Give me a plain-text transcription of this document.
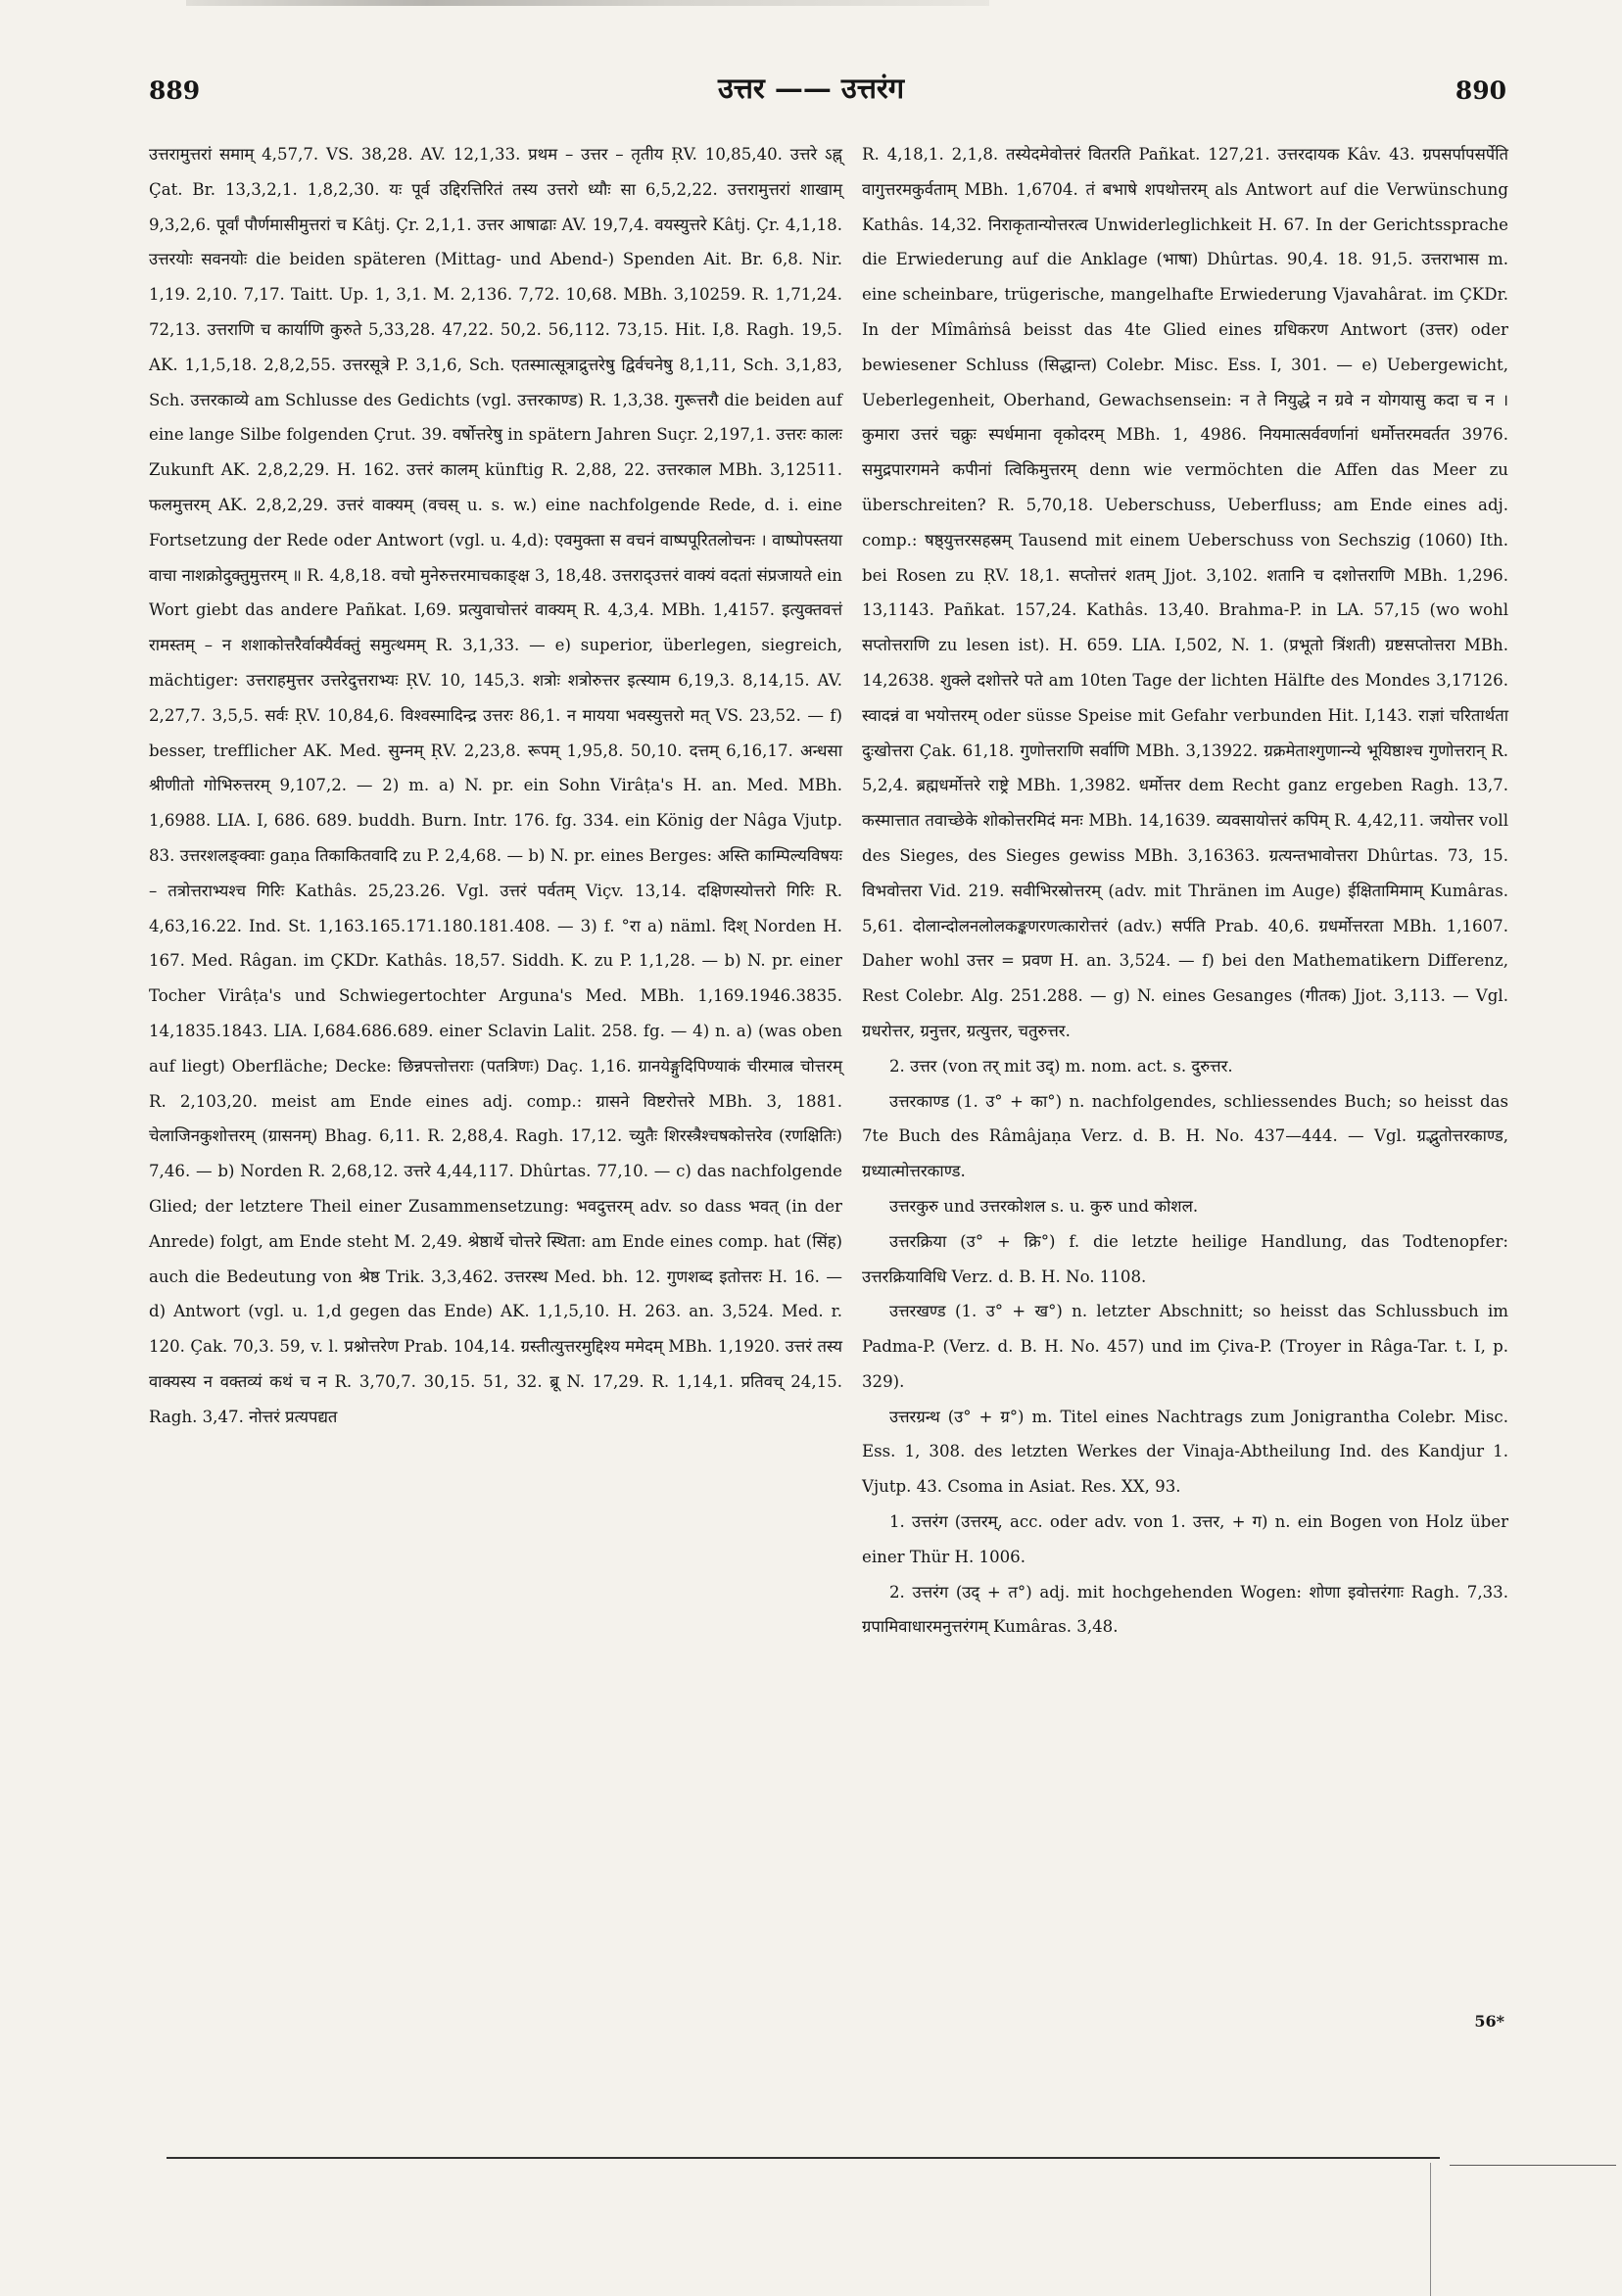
889	उत्तर —— उत्तरंग	890

उत्तरामुत्तरां समाम् 4,57,7. VS. 38,28. AV. 12,1,33. प्रथम – उत्तर – तृतीय ṚV. 10,85,40. उत्तरे ऽह्न् Çat. Br. 13,3,2,1. 1,8,2,30. यः पूर्व उद्दिरत्तिरितं तस्य उत्तरो ध्यौः सा 6,5,2,22. उत्तरामुत्तरां शाखाम् 9,3,2,6. पूर्वां पौर्णमासीमुत्तरां च Kâtj. Çr. 2,1,1. उत्तर आषाढाः AV. 19,7,4. वयस्युत्तरे Kâtj. Çr. 4,1,18. उत्तरयोः सवनयोः die beiden späteren (Mittag- und Abend-) Spenden Ait. Br. 6,8. Nir. 1,19. 2,10. 7,17. Taitt. Up. 1, 3,1. M. 2,136. 7,72. 10,68. MBh. 3,10259. R. 1,71,24. 72,13. उत्तराणि च कार्याणि कुरुते 5,33,28. 47,22. 50,2. 56,112. 73,15. Hit. I,8. Ragh. 19,5. AK. 1,1,5,18. 2,8,2,55. उत्तरसूत्रे P. 3,1,6, Sch. एतस्मात्सूत्राद्रुत्तरेषु द्विर्वचनेषु 8,1,11, Sch. 3,1,83, Sch. उत्तरकाव्ये am Schlusse des Gedichts (vgl. उत्तरकाण्ड) R. 1,3,38. गुरूत्तरौ die beiden auf eine lange Silbe folgenden Çrut. 39. वर्षोत्तरेषु in spätern Jahren Suçr. 2,197,1. उत्तरः कालः Zukunft AK. 2,8,2,29. H. 162. उत्तरं कालम् künftig R. 2,88, 22. उत्तरकाल MBh. 3,12511. फलमुत्तरम् AK. 2,8,2,29. उत्तरं वाक्यम् (वचस् u. s. w.) eine nachfolgende Rede, d. i. eine Fortsetzung der Rede oder Antwort (vgl. u. 4,d): एवमुक्ता स वचनं वाष्पपूरितलोचनः । वाष्पोपस्तया वाचा नाशक्रोदुक्तुमुत्तरम् ॥ R. 4,8,18. वचो मुनेरुत्तरमाचकाङ्क्ष 3, 18,48. उत्तराद्उत्तरं वाक्यं वदतां संप्रजायते ein Wort giebt das andere Pañkat. I,69. प्रत्युवाचोत्तरं वाक्यम् R. 4,3,4. MBh. 1,4157. इत्युक्तवत्तं रामस्तम् – न शशाकोत्तरैर्वाक्यैर्वक्तुं समुत्थमम् R. 3,1,33. — e) superior, überlegen, siegreich, mächtiger: उत्तराहमुत्तर उत्तरेदुत्तराभ्यः ṚV. 10, 145,3. शत्रोः शत्रोरुत्तर इत्स्याम 6,19,3. 8,14,15. AV. 2,27,7. 3,5,5. सर्वः ṚV. 10,84,6. विश्वस्मादिन्द्र उत्तरः 86,1. न मायया भवस्युत्तरो मत् VS. 23,52. — f) besser, trefflicher AK. Med. सुम्नम् ṚV. 2,23,8. रूपम् 1,95,8. 50,10. दत्तम् 6,16,17. अन्धसा श्रीणीतो गोभिरुत्तरम् 9,107,2. — 2) m. a) N. pr. ein Sohn Virâṭa's H. an. Med. MBh. 1,6988. LIA. I, 686. 689. buddh. Burn. Intr. 176. fg. 334. ein König der Nâga Vjutp. 83. उत्तरशलङ्क्वाः gaṇa तिकाकितवादि zu P. 2,4,68. — b) N. pr. eines Berges: अस्ति काम्पिल्यविषयः – तत्रोत्तराभ्यश्च गिरिः Kathâs. 25,23.26. Vgl. उत्तरं पर्वतम् Viçv. 13,14. दक्षिणस्योत्तरो गिरिः R. 4,63,16.22. Ind. St. 1,163.165.171.180.181.408. — 3) f. °रा a) näml. दिश् Norden H. 167. Med. Râgan. im ÇKDr. Kathâs. 18,57. Siddh. K. zu P. 1,1,28. — b) N. pr. einer Tocher Virâṭa's und Schwiegertochter Arguna's Med. MBh. 1,169.1946.3835. 14,1835.1843. LIA. I,684.686.689. einer Sclavin Lalit. 258. fg. — 4) n. a) (was oben auf liegt) Oberfläche; Decke: छिन्नपत्तोत्तराः (पतत्रिणः) Daç. 1,16. ग्रानयेङ्गुदिपिण्याकं चीरमाल्र चोत्तरम् R. 2,103,20. meist am Ende eines adj. comp.: ग्रासने विष्टरोत्तरे MBh. 3, 1881. चेलाजिनकुशोत्तरम् (ग्रासनम्) Bhag. 6,11. R. 2,88,4. Ragh. 17,12. च्युतैः शिरस्त्रैश्चषकोत्तरेव (रणक्षितिः) 7,46. — b) Norden R. 2,68,12. उत्तरे 4,44,117. Dhûrtas. 77,10. — c) das nachfolgende Glied; der letztere Theil einer Zusammensetzung: भवदुत्तरम् adv. so dass भवत् (in der Anrede) folgt, am Ende steht M. 2,49. श्रेष्ठार्थे चोत्तरे स्थिता: am Ende eines comp. hat (सिंह) auch die Bedeutung von श्रेष्ठ Trik. 3,3,462. उत्तरस्थ Med. bh. 12. गुणशब्द इतोत्तरः H. 16. — d) Antwort (vgl. u. 1,d gegen das Ende) AK. 1,1,5,10. H. 263. an. 3,524. Med. r. 120. Çak. 70,3. 59, v. l. प्रश्नोत्तरेण Prab. 104,14. ग्रस्तीत्युत्तरमुद्दिश्य ममेदम् MBh. 1,1920. उत्तरं तस्य वाक्यस्य न वक्तव्यं कथं च न R. 3,70,7. 30,15. 51, 32. ब्रू N. 17,29. R. 1,14,1. प्रतिवच् 24,15. Ragh. 3,47. नोत्तरं प्रत्यपद्यत

R. 4,18,1. 2,1,8. तस्येदमेवोत्तरं वितरति Pañkat. 127,21. उत्तरदायक Kâv. 43. ग्रपसर्पापसर्पेति वागुत्तरमकुर्वताम् MBh. 1,6704. तं बभाषे शपथोत्तरम् als Antwort auf die Verwünschung Kathâs. 14,32. निराकृतान्योत्तरत्व Unwiderleglichkeit H. 67. In der Gerichtssprache die Erwiederung auf die Anklage (भाषा) Dhûrtas. 90,4. 18. 91,5. उत्तराभास m. eine scheinbare, trügerische, mangelhafte Erwiederung Vjavahârat. im ÇKDr. In der Mîmâṁsâ beisst das 4te Glied eines ग्रधिकरण Antwort (उत्तर) oder bewiesener Schluss (सिद्धान्त) Colebr. Misc. Ess. I, 301. — e) Uebergewicht, Ueberlegenheit, Oberhand, Gewachsensein: न ते नियुद्धे न ग्रवे न योगयासु कदा च न । कुमारा उत्तरं चक्रुः स्पर्धमाना वृकोदरम् MBh. 1, 4986. नियमात्सर्ववर्णानां धर्मोत्तरमवर्तत 3976. समुद्रपारगमने कपीनां त्विकिमुत्तरम् denn wie vermöchten die Affen das Meer zu überschreiten? R. 5,70,18. Ueberschuss, Ueberfluss; am Ende eines adj. comp.: षष्ठ्युत्तरसहस्रम् Tausend mit einem Ueberschuss von Sechszig (1060) Ith. bei Rosen zu ṚV. 18,1. सप्तोत्तरं शतम् Jjot. 3,102. शतानि च दशोत्तराणि MBh. 1,296. 13,1143. Pañkat. 157,24. Kathâs. 13,40. Brahma-P. in LA. 57,15 (wo wohl सप्तोत्तराणि zu lesen ist). H. 659. LIA. I,502, N. 1. (प्रभूतो त्रिंशती) ग्रष्टसप्तोत्तरा MBh. 14,2638. शुक्ले दशोत्तरे पते am 10ten Tage der lichten Hälfte des Mondes 3,17126. स्वादन्नं वा भयोत्तरम् oder süsse Speise mit Gefahr verbunden Hit. I,143. राज्ञां चरितार्थता दुःखोत्तरा Çak. 61,18. गुणोत्तराणि सर्वाणि MBh. 3,13922. ग्रक्रमेताश्गुणान्न्ये भूयिष्ठाश्च गुणोत्तरान् R. 5,2,4. ब्रह्मधर्मोत्तरे राष्ट्रे MBh. 1,3982. धर्मोत्तर dem Recht ganz ergeben Ragh. 13,7. कस्मात्तात तवाच्छेके शोकोत्तरमिदं मनः MBh. 14,1639. व्यवसायोत्तरं कपिम् R. 4,42,11. जयोत्तर voll des Sieges, des Sieges gewiss MBh. 3,16363. ग्रत्यन्तभावोत्तरा Dhûrtas. 73, 15. विभवोत्तरा Vid. 219. सवीभिरस्रोत्तरम् (adv. mit Thränen im Auge) ईक्षितामिमाम् Kumâras. 5,61. दोलान्दोलनलोलकङ्कणरणत्कारोत्तरं (adv.) सर्पति Prab. 40,6. ग्रधर्मोत्तरता MBh. 1,1607. Daher wohl उत्तर = प्रवण H. an. 3,524. — f) bei den Mathematikern Differenz, Rest Colebr. Alg. 251.288. — g) N. eines Gesanges (गीतक) Jjot. 3,113. — Vgl. ग्रधरोत्तर, ग्रनुत्तर, ग्रत्युत्तर, चतुरुत्तर.

2. उत्तर (von तर् mit उद्) m. nom. act. s. दुरुत्तर.

उत्तरकाण्ड (1. उ° + का°) n. nachfolgendes, schliessendes Buch; so heisst das 7te Buch des Râmâjaṇa Verz. d. B. H. No. 437—444. — Vgl. ग्रद्भुतोत्तरकाण्ड, ग्रध्यात्मोत्तरकाण्ड.

उत्तरकुरु und उत्तरकोशल s. u. कुरु und कोशल.

उत्तरक्रिया (उ° + क्रि°) f. die letzte heilige Handlung, das Todtenopfer: उत्तरक्रियाविधि Verz. d. B. H. No. 1108.

उत्तरखण्ड (1. उ° + ख°) n. letzter Abschnitt; so heisst das Schlussbuch im Padma-P. (Verz. d. B. H. No. 457) und im Çiva-P. (Troyer in Râga-Tar. t. I, p. 329).

उत्तरग्रन्थ (उ° + ग्र°) m. Titel eines Nachtrags zum Jonigrantha Colebr. Misc. Ess. 1, 308. des letzten Werkes der Vinaja-Abtheilung Ind. des Kandjur 1. Vjutp. 43. Csoma in Asiat. Res. XX, 93.

1. उत्तरंग (उत्तरम्, acc. oder adv. von 1. उत्तर, + ग) n. ein Bogen von Holz über einer Thür H. 1006.

2. उत्तरंग (उद् + त°) adj. mit hochgehenden Wogen: शोणा इवोत्तरंगाः Ragh. 7,33. ग्रपामिवाधारमनुत्तरंगम् Kumâras. 3,48.

56*
